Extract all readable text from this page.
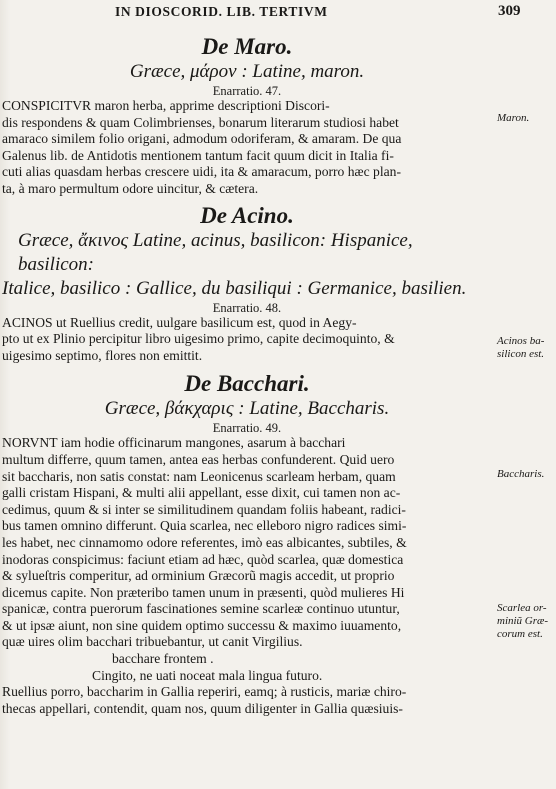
IN DIOSCORID. LIB. TERTIVM	309

De Maro.

Græce, μάρον : Latine, maron.

Enarratio. 47.

CONSPICITVR maron herba, apprime descriptioni Discori-
dis respondens & quam Colimbrienses, bonarum literarum studiosi habet
amaraco similem folio origani, admodum odoriferam, & amaram. De qua
Galenus lib. de Antidotis mentionem tantum facit quum dicit in Italia fi-
cuti alias quasdam herbas crescere uidi, ita & amaracum, porro hæc plan-
ta, à maro permultum odore uincitur, & cætera.

De Acino.

Græce, ἄκινος Latine, acinus, basilicon: Hispanice, basilicon:

Italice, basilico : Gallice, du basiliqui : Germanice, basilien.

Enarratio. 48.

ACINOS ut Ruellius credit, uulgare basilicum est, quod in Aegy-
pto ut ex Plinio percipitur libro uigesimo primo, capite decimoquinto, &
uigesimo septimo, flores non emittit.

De Bacchari.

Græce, βάκχαρις : Latine, Baccharis.

Enarratio. 49.

NORVNT iam hodie officinarum mangones, asarum à bacchari
multum differre, quum tamen, antea eas herbas confunderent. Quid uero
sit baccharis, non satis constat: nam Leonicenus scarleam herbam, quam
galli cristam Hispani, & multi alii appellant, esse dixit, cui tamen non ac-
cedimus, quum & si inter se similitudinem quandam foliis habeant, radici-
bus tamen omnino differunt. Quia scarlea, nec elleboro nigro radices simi-
les habet, nec cinnamomo odore referentes, imò eas albicantes, subtiles, &
inodoras conspicimus: faciunt etiam ad hæc, quòd scarlea, quæ domestica
& sylueſtris comperitur, ad orminium Græcorũ magis accedit, ut proprio
dicemus capite. Non præteribo tamen unum in præsenti, quòd mulieres Hi
spanicæ, contra puerorum fascinationes semine scarleæ continuo utuntur,
& ut ipsæ aiunt, non sine quidem optimo successu & maximo iuuamento,
quæ uires olim bacchari tribuebantur, ut canit Virgilius.
bacchare frontem .
Cingito, ne uati noceat mala lingua futuro.
Ruellius porro, baccharim in Gallia reperiri, eamq; à rusticis, mariæ chiro-
thecas appellari, contendit, quam nos, quum diligenter in Gallia quæsiuis-

Maron.
Acinos ba-
silicon est.
Baccharis.
Scarlea or-
miniũ Græ-
corum est.
